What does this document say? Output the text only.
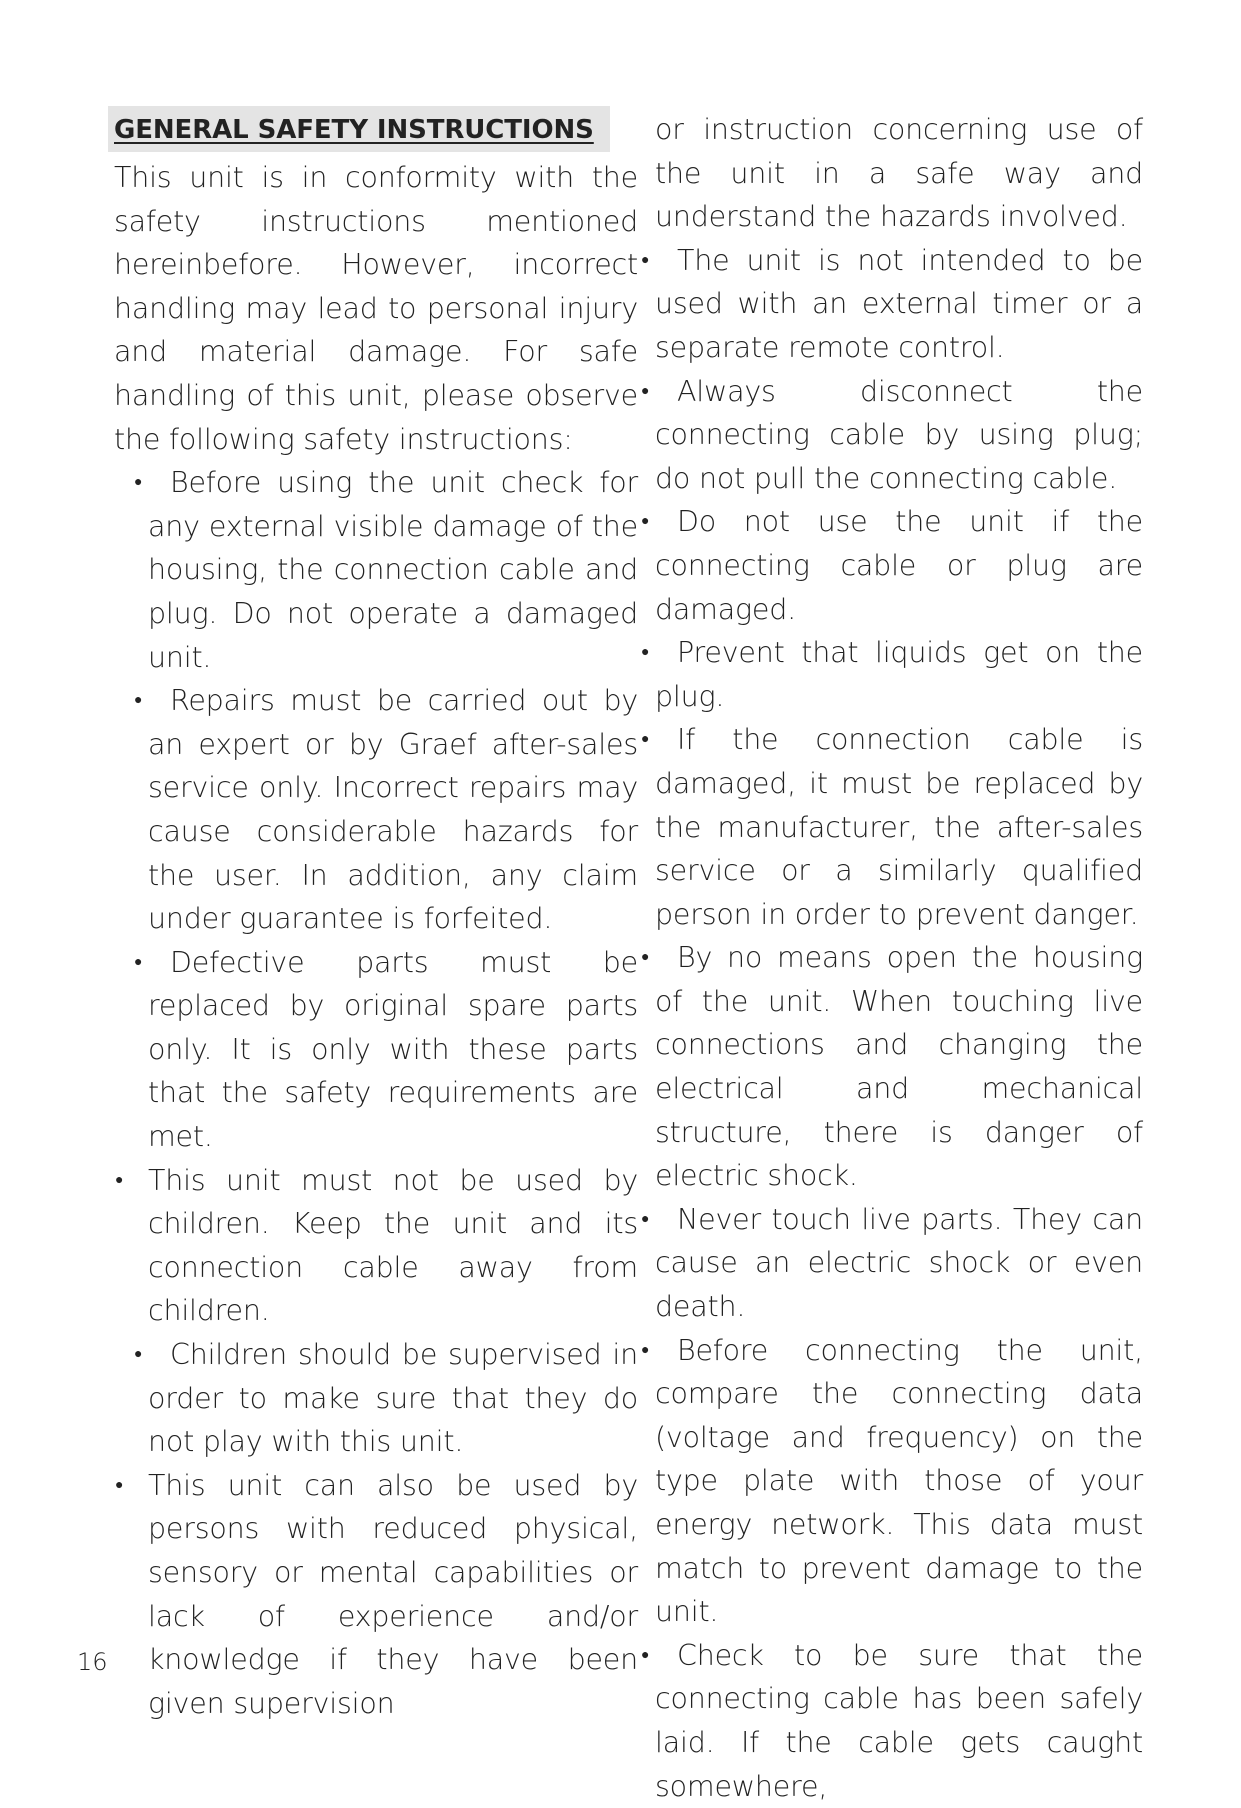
GENERAL SAFETY INSTRUCTIONS

This unit is in conformity with the safety instructions mentioned hereinbefore. However, incorrect handling may lead to personal injury and material damage. For safe handling of this unit, please observe the following safety instructions:

● Before using the unit check for any external visible damage of the housing, the connection cable and plug. Do not operate a damaged unit.

● Repairs must be carried out by an expert or by Graef after-sales service only. Incorrect repairs may cause considerable hazards for the user. In addition, any claim under guarantee is forfeited.

● Defective parts must be replaced by original spare parts only. It is only with these parts that the safety requirements are met.

● This unit must not be used by children. Keep the unit and its connection cable away from children.

● Children should be supervised in order to make sure that they do not play with this unit.

● This unit can also be used by persons with reduced physical, sensory or mental capabilities or lack of experience and/or knowledge if they have been given supervision

or instruction concerning use of the unit in a safe way and understand the hazards involved.

● The unit is not intended to be used with an external timer or a separate remote control.

● Always disconnect the connecting cable by using plug; do not pull the connecting cable.

● Do not use the unit if the connecting cable or plug are damaged.

● Prevent that liquids get on the plug.

● If the connection cable is damaged, it must be replaced by the manufacturer, the after-sales service or a similarly qualified person in order to prevent danger.

● By no means open the housing of the unit. When touching live connections and changing the electrical and mechanical structure, there is danger of electric shock.

● Never touch live parts. They can cause an electric shock or even death.

● Before connecting the unit, compare the connecting data (voltage and frequency) on the type plate with those of your energy network. This data must match to prevent damage to the unit.

● Check to be sure that the connecting cable has been safely laid. If the cable gets caught somewhere,

16
